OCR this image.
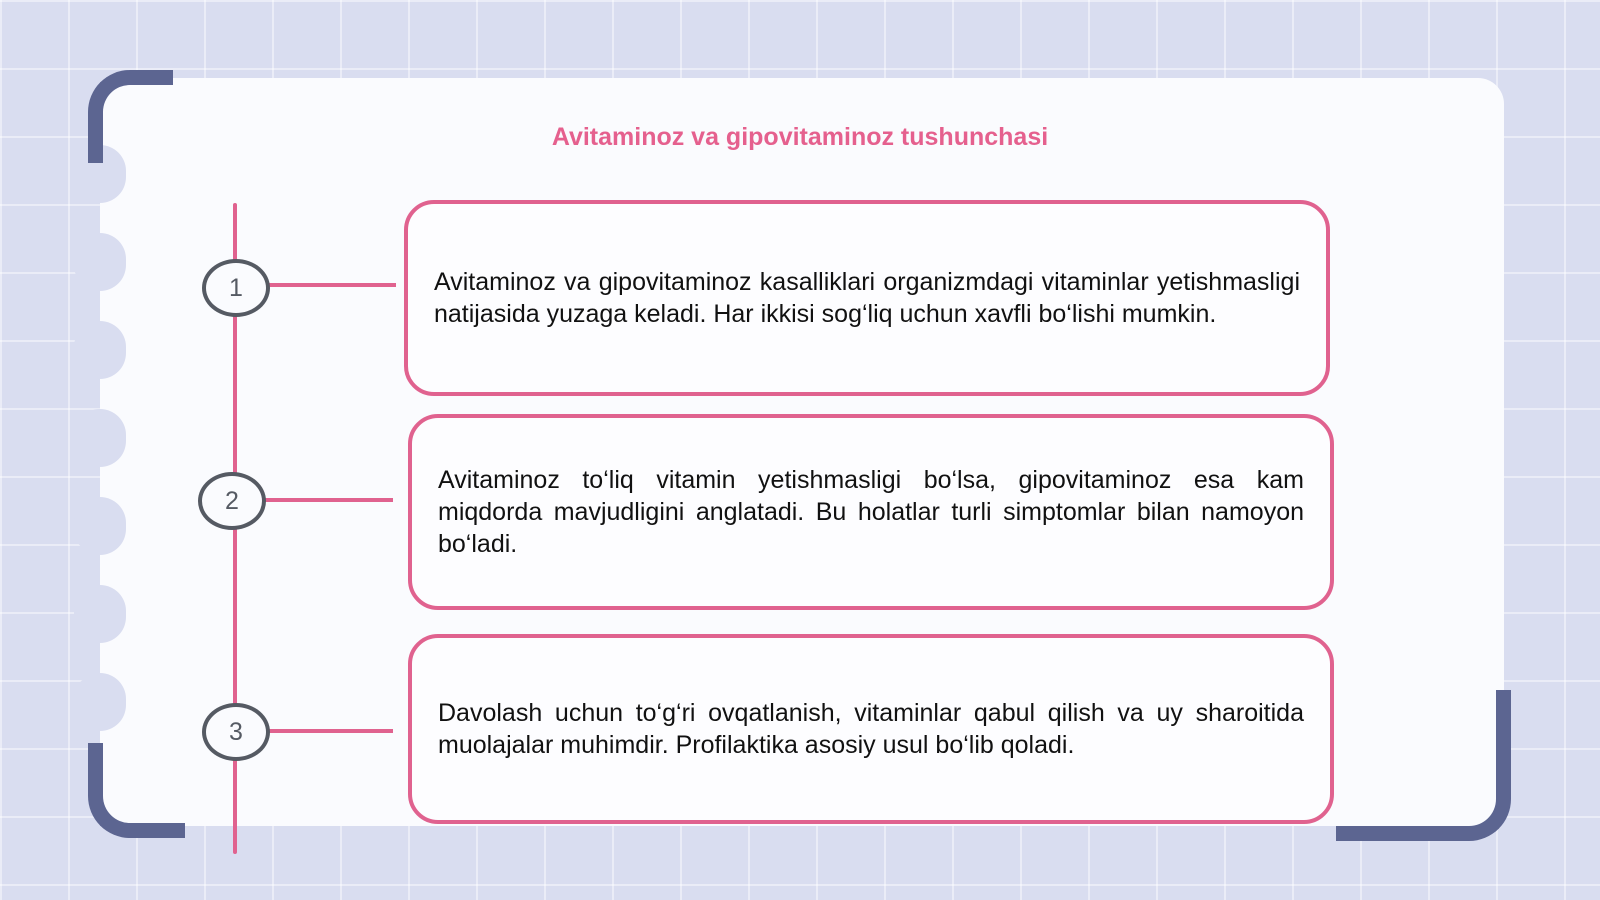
Avitaminoz va gipovitaminoz tushunchasi
1
2
3

Avitaminoz va gipovitaminoz kasalliklari organizmdagi vitaminlar yetishmasligi natijasida yuzaga keladi. Har ikkisi sog‘liq uchun xavfli bo‘lishi mumkin.

Avitaminoz to‘liq vitamin yetishmasligi bo‘lsa, gipovitaminoz esa kam miqdorda mavjudligini anglatadi. Bu holatlar turli simptomlar bilan namoyon bo‘ladi.

Davolash uchun to‘g‘ri ovqatlanish, vitaminlar qabul qilish va uy sharoitida muolajalar muhimdir. Profilaktika asosiy usul bo‘lib qoladi.
